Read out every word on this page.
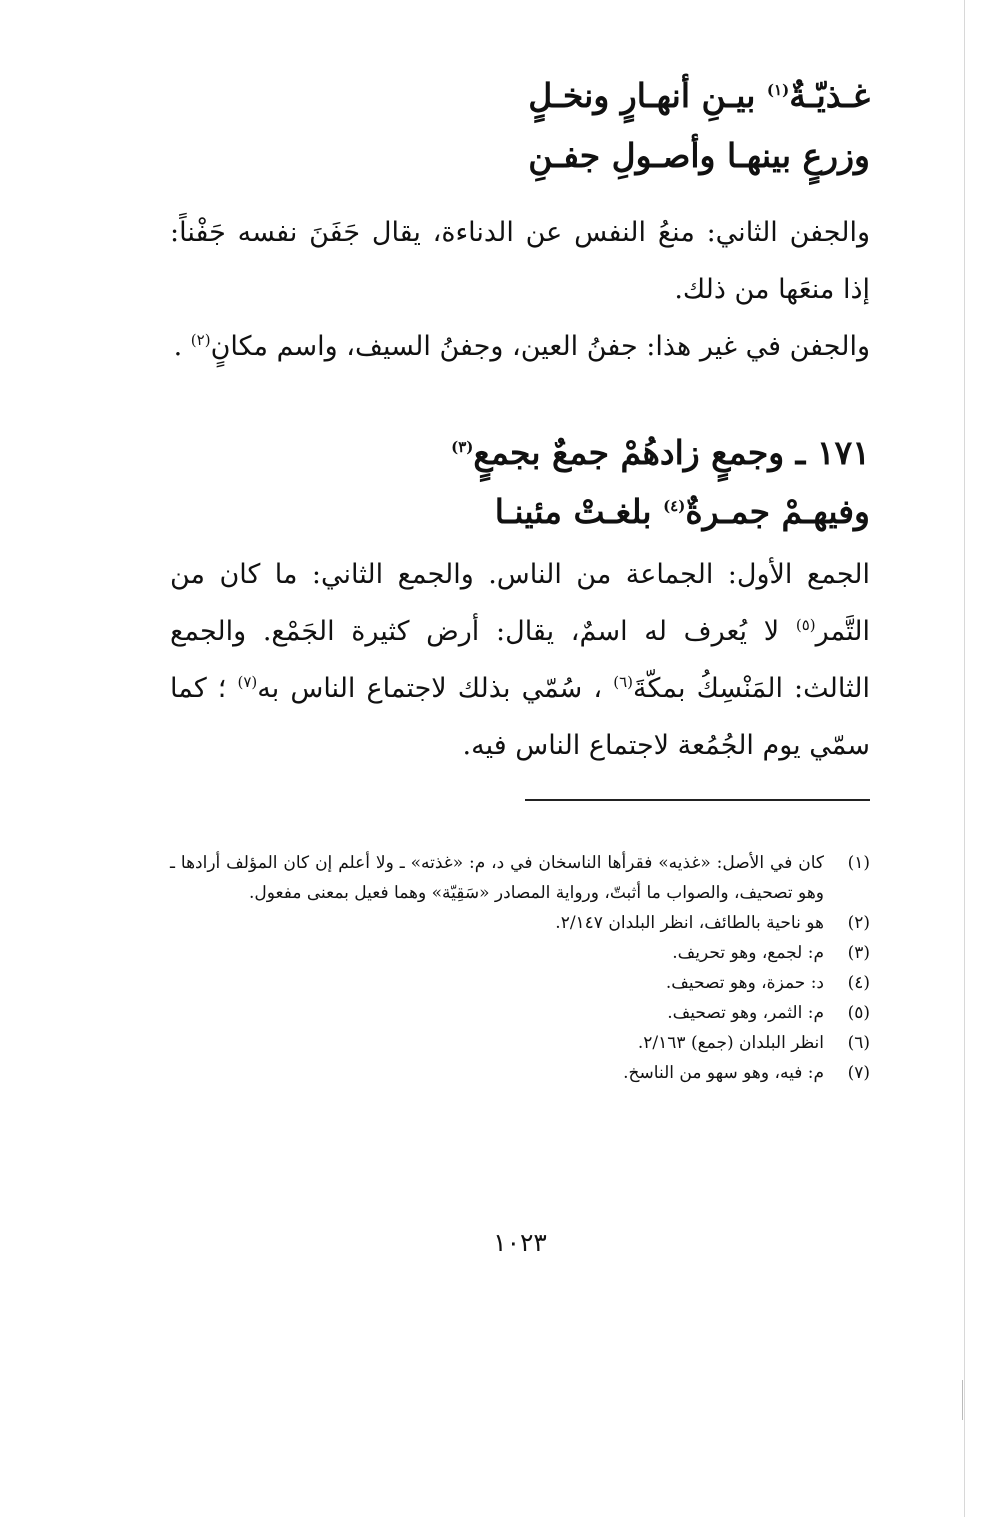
غـذيّـةٌ$^{(١)}$ بيـنِ أنهـارٍ ونخـلٍ
وزرعٍ بينهـا وأصـولِ جفـنِ
والجفن الثاني: منعُ النفس عن الدناءة، يقال جَفَنَ نفسه جَفْناً: إذا منعَها من ذلك.
والجفن في غير هذا: جفنُ العين، وجفنُ السيف، واسم مكانٍ$^{(٢)}$ .
١٧١ ـ وجمعٍ زادهُمْ جمعٌ بجمعٍ$^{(٣)}$
وفيهـمْ جمـرةٌ$^{(٤)}$ بلغـتْ مئينـا
الجمع الأول: الجماعة من الناس. والجمع الثاني: ما كان من التَّمر$^{(٥)}$ لا يُعرف له اسمٌ، يقال: أرض كثيرة الجَمْع. والجمع الثالث: المَنْسِكُ بمكّةَ$^{(٦)}$ ، سُمّي بذلك لاجتماع الناس به$^{(٧)}$ ؛ كما سمّي يوم الجُمُعة لاجتماع الناس فيه.
(١)
كان في الأصل: «غذيه» فقرأها الناسخان في د، م: «غذته» ـ ولا أعلم إن كان المؤلف أرادها ـ وهو تصحيف، والصواب ما أثبتّ، ورواية المصادر «سَقِيّة» وهما فعيل بمعنى مفعول.
(٢)
هو ناحية بالطائف، انظر البلدان ٢/١٤٧.
(٣)
م: لجمع، وهو تحريف.
(٤)
د: حمزة، وهو تصحيف.
(٥)
م: الثمر، وهو تصحيف.
(٦)
انظر البلدان (جمع) ٢/١٦٣.
(٧)
م: فيه، وهو سهو من الناسخ.
١٠٢٣
